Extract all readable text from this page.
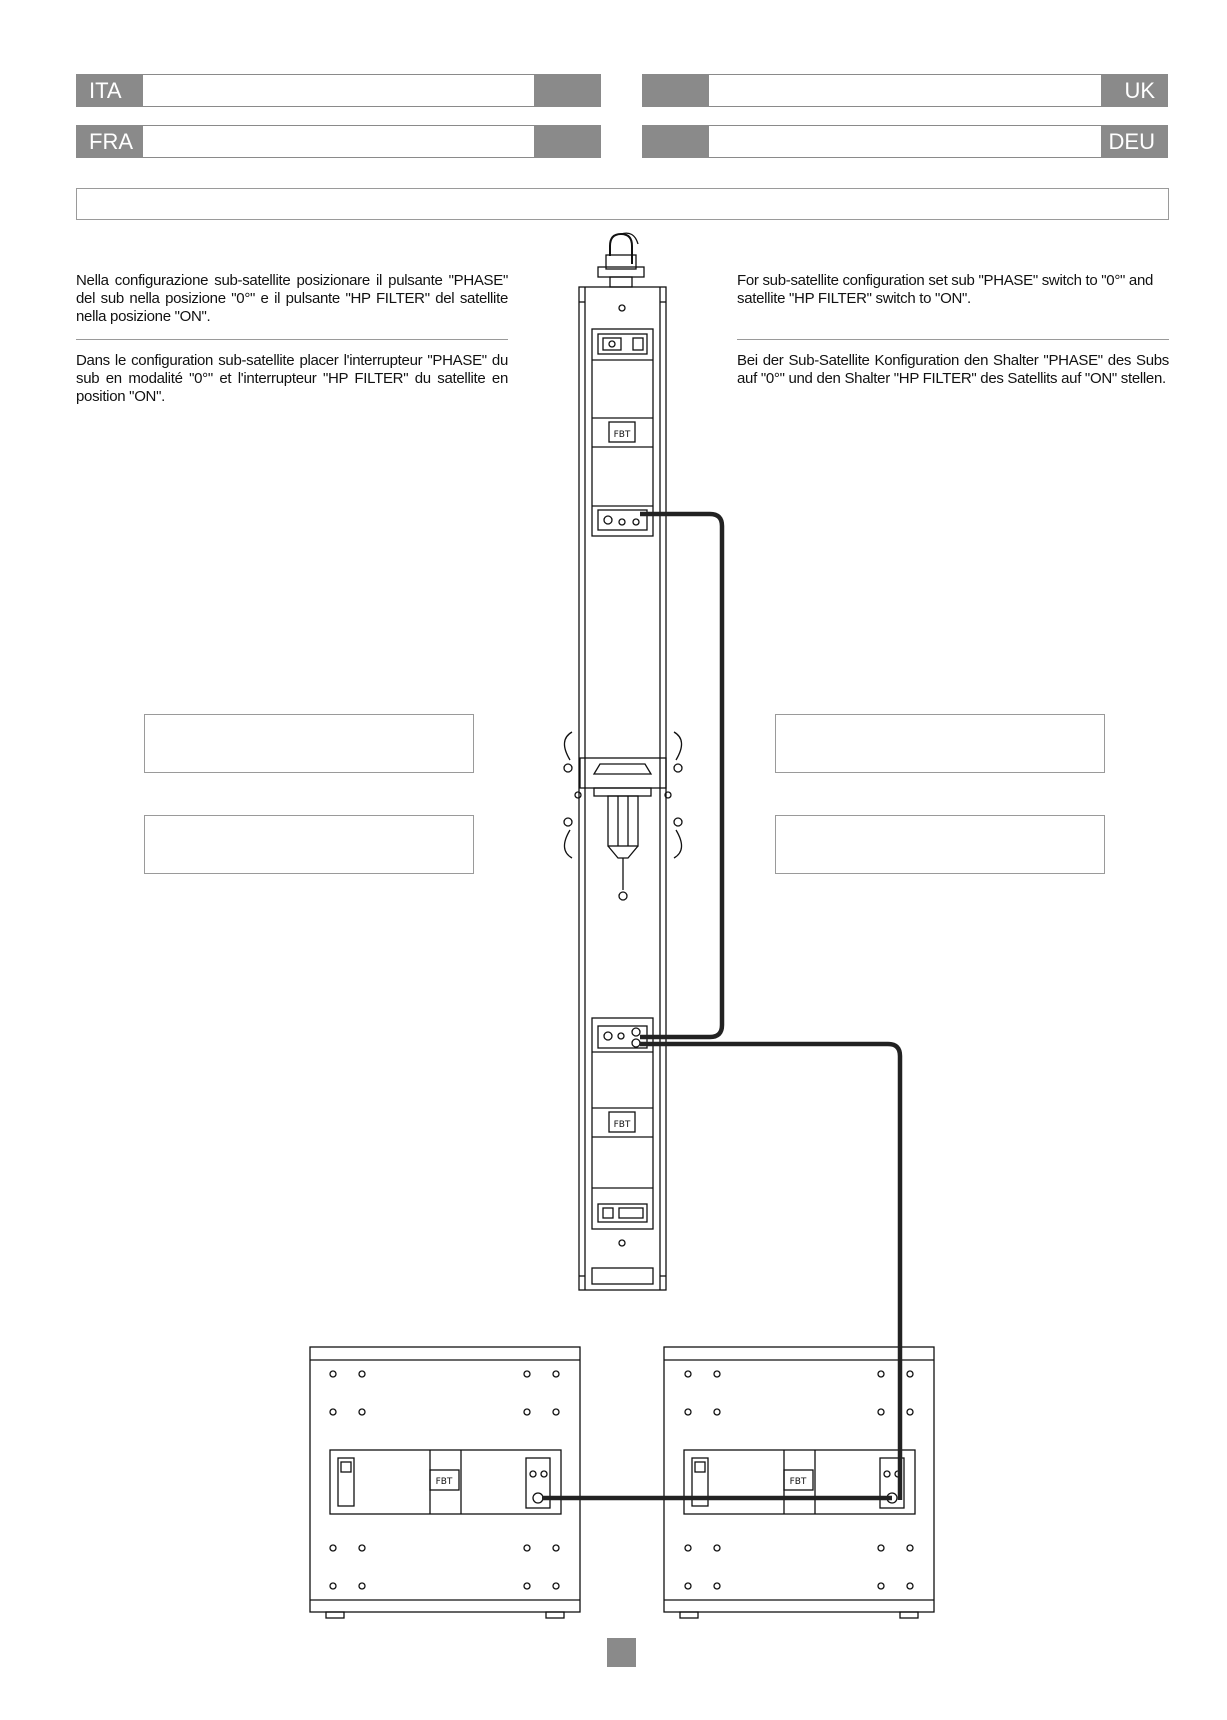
ITA	UK
FRA	DEU
Nella configurazione sub-satellite posizionare il pulsante "PHASE" del sub nella posizione "0°" e il pulsante "HP FILTER" del satellite nella posizione "ON".
Dans le configuration sub-satellite placer l'interrupteur "PHASE" du sub en modalité "0°" et l'interrupteur "HP FILTER" du satellite en position "ON".
For sub-satellite configuration set sub "PHASE" switch to "0°" and satellite "HP FILTER" switch to "ON".
Bei der Sub-Satellite Konfiguration den Shalter "PHASE" des Subs auf "0°" und den Shalter "HP FILTER" des Satellits auf "ON" stellen.
FBT
FBT
FBT	FBT
